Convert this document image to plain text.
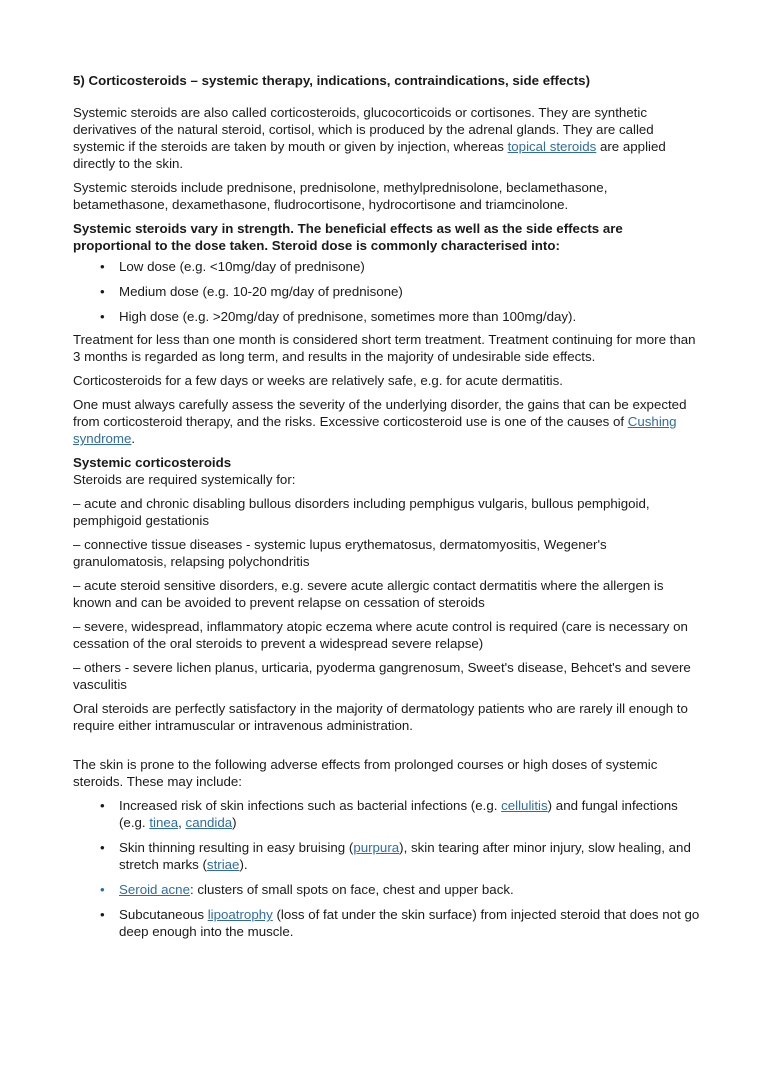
5) Corticosteroids – systemic therapy, indications, contraindications, side effects)

Systemic steroids are also called corticosteroids, glucocorticoids or cortisones. They are synthetic derivatives of the natural steroid, cortisol, which is produced by the adrenal glands. They are called systemic if the steroids are taken by mouth or given by injection, whereas topical steroids are applied directly to the skin.

Systemic steroids include prednisone, prednisolone, methylprednisolone, beclamethasone, betamethasone, dexamethasone, fludrocortisone, hydrocortisone and triamcinolone.

Systemic steroids vary in strength. The beneficial effects as well as the side effects are proportional to the dose taken. Steroid dose is commonly characterised into:

• Low dose (e.g. <10mg/day of prednisone)
• Medium dose (e.g. 10-20 mg/day of prednisone)
• High dose (e.g. >20mg/day of prednisone, sometimes more than 100mg/day).

Treatment for less than one month is considered short term treatment. Treatment continuing for more than 3 months is regarded as long term, and results in the majority of undesirable side effects.

Corticosteroids for a few days or weeks are relatively safe, e.g. for acute dermatitis.

One must always carefully assess the severity of the underlying disorder, the gains that can be expected from corticosteroid therapy, and the risks. Excessive corticosteroid use is one of the causes of Cushing syndrome.

Systemic corticosteroids

Steroids are required systemically for:

– acute and chronic disabling bullous disorders including pemphigus vulgaris, bullous pemphigoid, pemphigoid gestationis

– connective tissue diseases - systemic lupus erythematosus, dermatomyositis, Wegener's granulomatosis, relapsing polychondritis

– acute steroid sensitive disorders, e.g. severe acute allergic contact dermatitis where the allergen is known and can be avoided to prevent relapse on cessation of steroids

– severe, widespread, inflammatory atopic eczema where acute control is required (care is necessary on cessation of the oral steroids to prevent a widespread severe relapse)

– others - severe lichen planus, urticaria, pyoderma gangrenosum, Sweet's disease, Behcet's and severe vasculitis

Oral steroids are perfectly satisfactory in the majority of dermatology patients who are rarely ill enough to require either intramuscular or intravenous administration.

The skin is prone to the following adverse effects from prolonged courses or high doses of systemic steroids. These may include:

• Increased risk of skin infections such as bacterial infections (e.g. cellulitis) and fungal infections (e.g. tinea, candida)
• Skin thinning resulting in easy bruising (purpura), skin tearing after minor injury, slow healing, and stretch marks (striae).
• Seroid acne: clusters of small spots on face, chest and upper back.
• Subcutaneous lipoatrophy (loss of fat under the skin surface) from injected steroid that does not go deep enough into the muscle.
